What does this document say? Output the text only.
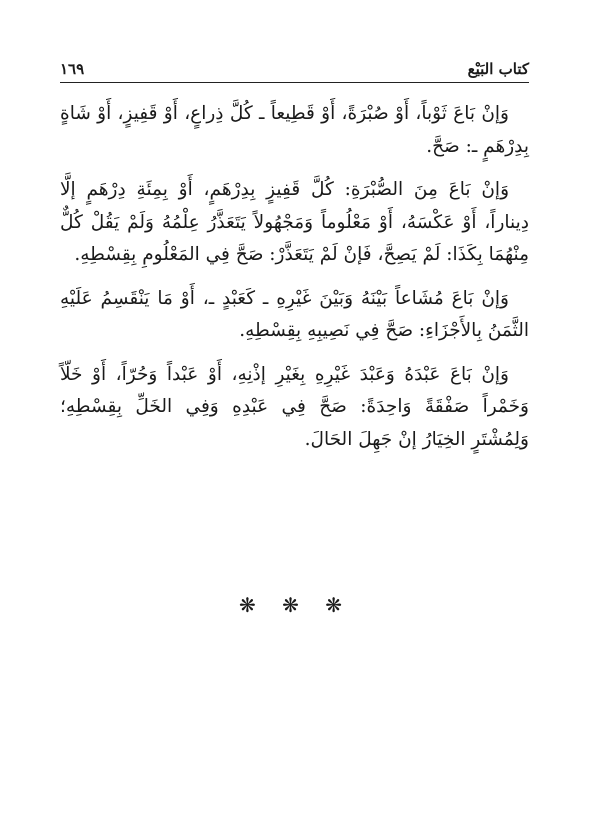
كتاب البَيْع
١٦٩

وَإنْ بَاعَ ثَوْباً، أَوْ صُبْرَةً، أَوْ قَطِيعاً ـ كُلَّ ذِراعٍ، أَوْ قَفِيزٍ، أَوْ شَاةٍ بِدِرْهَمٍ ـ: صَحَّ.

وَإنْ بَاعَ مِنَ الصُّبْرَةِ: كُلَّ قَفِيزٍ بِدِرْهَمٍ، أَوْ بِمِئَةِ دِرْهَمٍ إلَّا دِيناراً، أَوْ عَكْسَهُ، أَوْ مَعْلُوماً وَمَجْهُولاً يَتَعَذَّرُ عِلْمُهُ وَلَمْ يَقُلْ كُلٌّ مِنْهُمَا بِكَذَا: لَمْ يَصِحَّ، فَإنْ لَمْ يَتَعَذَّرْ: صَحَّ فِي المَعْلُومِ بِقِسْطِهِ.

وَإنْ بَاعَ مُشَاعاً بَيْنَهُ وَبَيْنَ غَيْرِهِ ـ كَعَبْدٍ ـ، أَوْ مَا يَنْقَسِمُ عَلَيْهِ الثَّمَنُ بِالأَجْزَاءِ: صَحَّ فِي نَصِيبِهِ بِقِسْطِهِ.

وَإنْ بَاعَ عَبْدَهُ وَعَبْدَ غَيْرِهِ بِغَيْرِ إذْنِهِ، أَوْ عَبْداً وَحُرّاً، أَوْ خَلّاً وَخَمْراً صَفْقَةً وَاحِدَةً: صَحَّ فِي عَبْدِهِ وَفِي الخَلِّ بِقِسْطِهِ؛ وَلِمُشْتَرٍ الخِيَارُ إنْ جَهِلَ الحَالَ.

❋ ❋ ❋
